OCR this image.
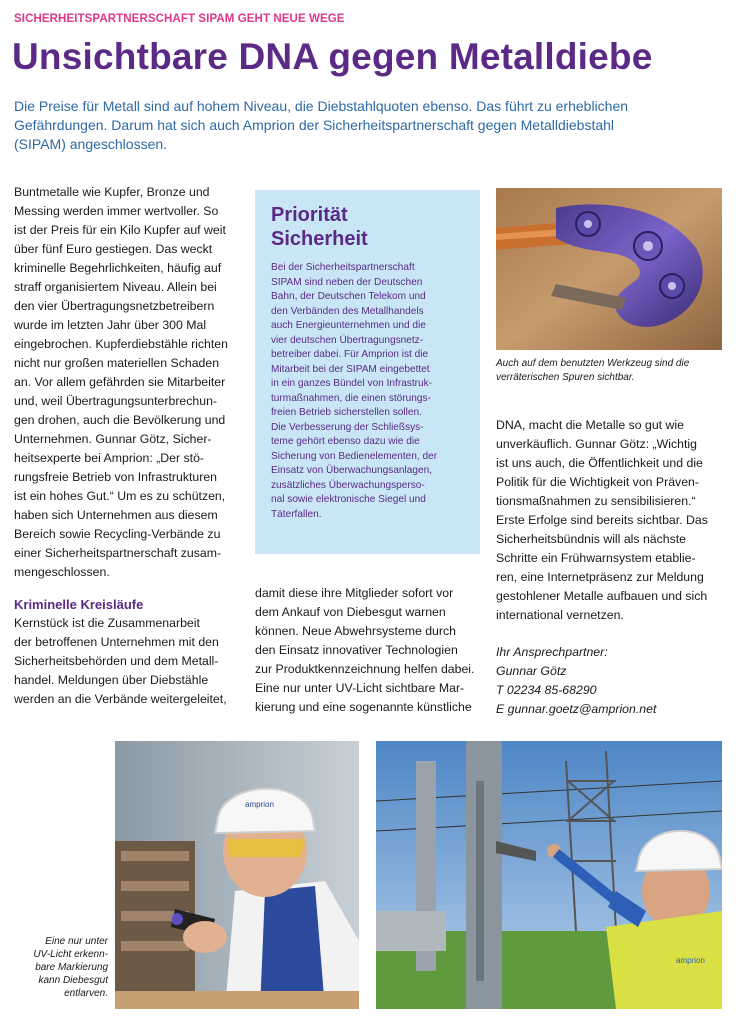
SICHERHEITSPARTNERSCHAFT SIPAM GEHT NEUE WEGE
Unsichtbare DNA gegen Metalldiebe

Die Preise für Metall sind auf hohem Niveau, die Diebstahlquoten ebenso. Das führt zu erheblichen

Gefährdungen. Darum hat sich auch Amprion der Sicherheitspartnerschaft gegen Metalldiebstahl

(SIPAM) angeschlossen.

Buntmetalle wie Kupfer, Bronze und

Messing werden immer wertvoller. So

ist der Preis für ein Kilo Kupfer auf weit

über fünf Euro gestiegen. Das weckt

kriminelle Begehrlichkeiten, häufig auf

straff organisiertem Niveau. Allein bei

den vier Übertragungsnetzbetreibern

wurde im letzten Jahr über 300 Mal

eingebrochen. Kupferdiebstähle richten

nicht nur großen materiellen Schaden

an. Vor allem gefährden sie Mitarbeiter

und, weil Übertragungsunterbrechun-

gen drohen, auch die Bevölkerung und

Unternehmen. Gunnar Götz, Sicher-

heitsexperte bei Amprion: „Der stö-

rungsfreie Betrieb von Infrastrukturen

ist ein hohes Gut.“ Um es zu schützen,

haben sich Unternehmen aus diesem

Bereich sowie Recycling-Verbände zu

einer Sicherheitspartnerschaft zusam-

mengeschlossen.

Kriminelle Kreisläufe

Kernstück ist die Zusammenarbeit

der betroffenen Unternehmen mit den

Sicherheitsbehörden und dem Metall-

handel. Meldungen über Diebstähle

werden an die Verbände weitergeleitet,

Priorität
Sicherheit

Bei der Sicherheitspartnerschaft

SIPAM sind neben der Deutschen

Bahn, der Deutschen Telekom und

den Verbänden des Metallhandels

auch Energieunternehmen und die

vier deutschen Übertragungsnetz-

betreiber dabei. Für Amprion ist die

Mitarbeit bei der SIPAM eingebettet

in ein ganzes Bündel von Infrastruk-

turmaßnahmen, die einen störungs-

freien Betrieb sicherstellen sollen.

Die Verbesserung der Schließsys-

teme gehört ebenso dazu wie die

Sicherung von Bedienelementen, der

Einsatz von Überwachungsanlagen,

zusätzliches Überwachungsperso-

nal sowie elektronische Siegel und

Täterfallen.

damit diese ihre Mitglieder sofort vor

dem Ankauf von Diebesgut warnen

können. Neue Abwehrsysteme durch

den Einsatz innovativer Technologien

zur Produktkennzeichnung helfen dabei.

Eine nur unter UV-Licht sichtbare Mar-

kierung und eine sogenannte künstliche

Auch auf dem benutzten Werkzeug sind die

verräterischen Spuren sichtbar.

DNA, macht die Metalle so gut wie

unverkäuflich. Gunnar Götz: „Wichtig

ist uns auch, die Öffentlichkeit und die

Politik für die Wichtigkeit von Präven-

tionsmaßnahmen zu sensibilisieren.“

Erste Erfolge sind bereits sichtbar. Das

Sicherheitsbündnis will als nächste

Schritte ein Frühwarnsystem etablie-

ren, eine Internetpräsenz zur Meldung

gestohlener Metalle aufbauen und sich

international vernetzen.

Ihr Ansprechpartner:

Gunnar Götz

T 02234 85-68290

E gunnar.goetz@amprion.net

Eine nur unter

UV-Licht erkenn-

bare Markierung

kann Diebesgut

entlarven.

amprion
amprion
